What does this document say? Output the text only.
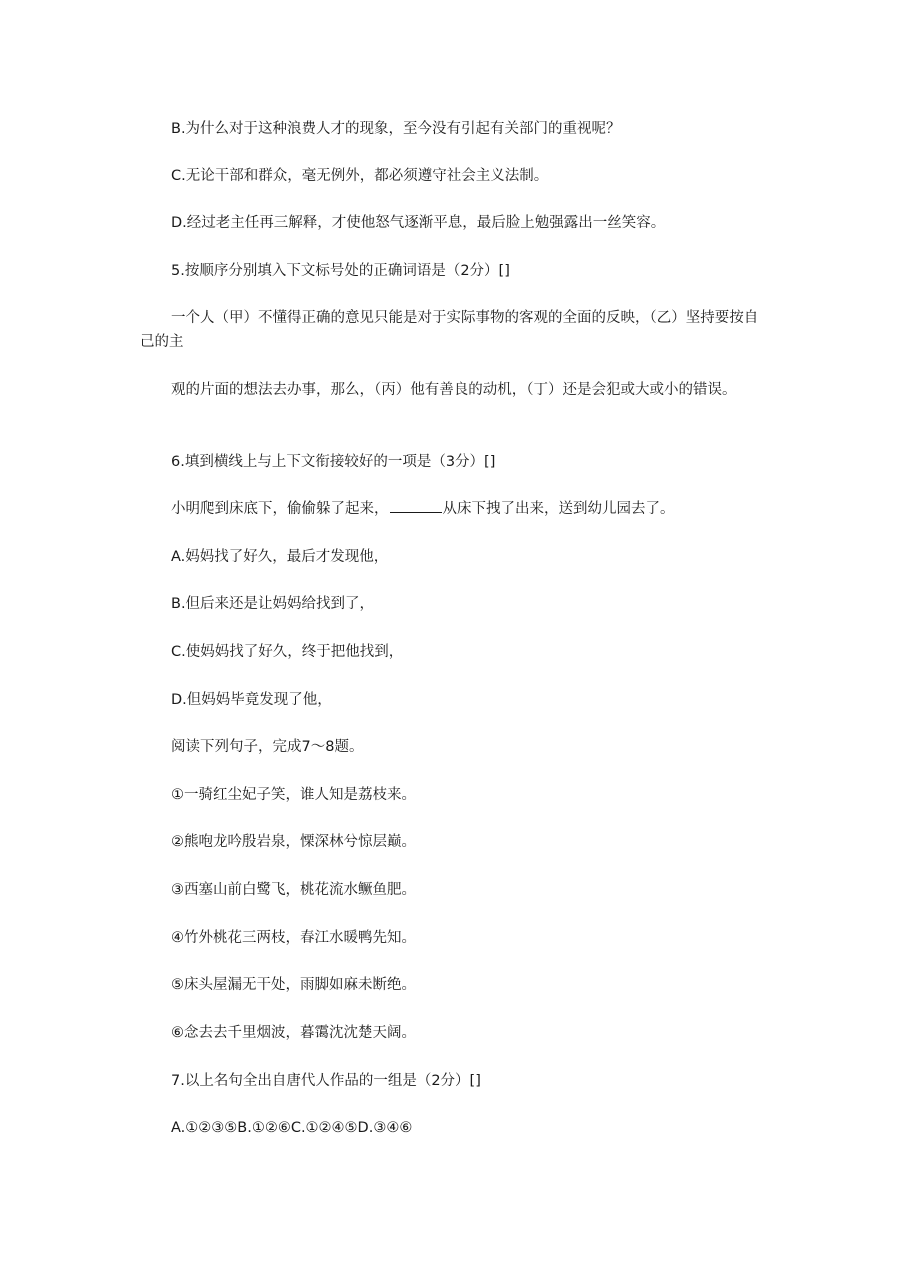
B.为什么对于这种浪费人才的现象，至今没有引起有关部门的重视呢？
C.无论干部和群众，毫无例外，都必须遵守社会主义法制。
D.经过老主任再三解释，才使他怒气逐渐平息，最后脸上勉强露出一丝笑容。
5.按顺序分别填入下文标号处的正确词语是（2分）[]
一个人（甲）不懂得正确的意见只能是对于实际事物的客观的全面的反映，（乙）坚持要按自己的主
观的片面的想法去办事，那么，（丙）他有善良的动机，（丁）还是会犯或大或小的错误。
6.填到横线上与上下文衔接较好的一项是（3分）[]
小明爬到床底下，偷偷躲了起来，	从床下拽了出来，送到幼儿园去了。
A.妈妈找了好久，最后才发现他，
B.但后来还是让妈妈给找到了，
C.使妈妈找了好久，终于把他找到，
D.但妈妈毕竟发现了他，
阅读下列句子，完成7～8题。
①一骑红尘妃子笑，谁人知是荔枝来。
②熊咆龙吟殷岩泉，慄深林兮惊层巅。
③西塞山前白鹭飞，桃花流水鳜鱼肥。
④竹外桃花三两枝，春江水暖鸭先知。
⑤床头屋漏无干处，雨脚如麻未断绝。
⑥念去去千里烟波，暮霭沈沈楚天阔。
7.以上名句全出自唐代人作品的一组是（2分）[]
A.①②③⑤B.①②⑥C.①②④⑤D.③④⑥
